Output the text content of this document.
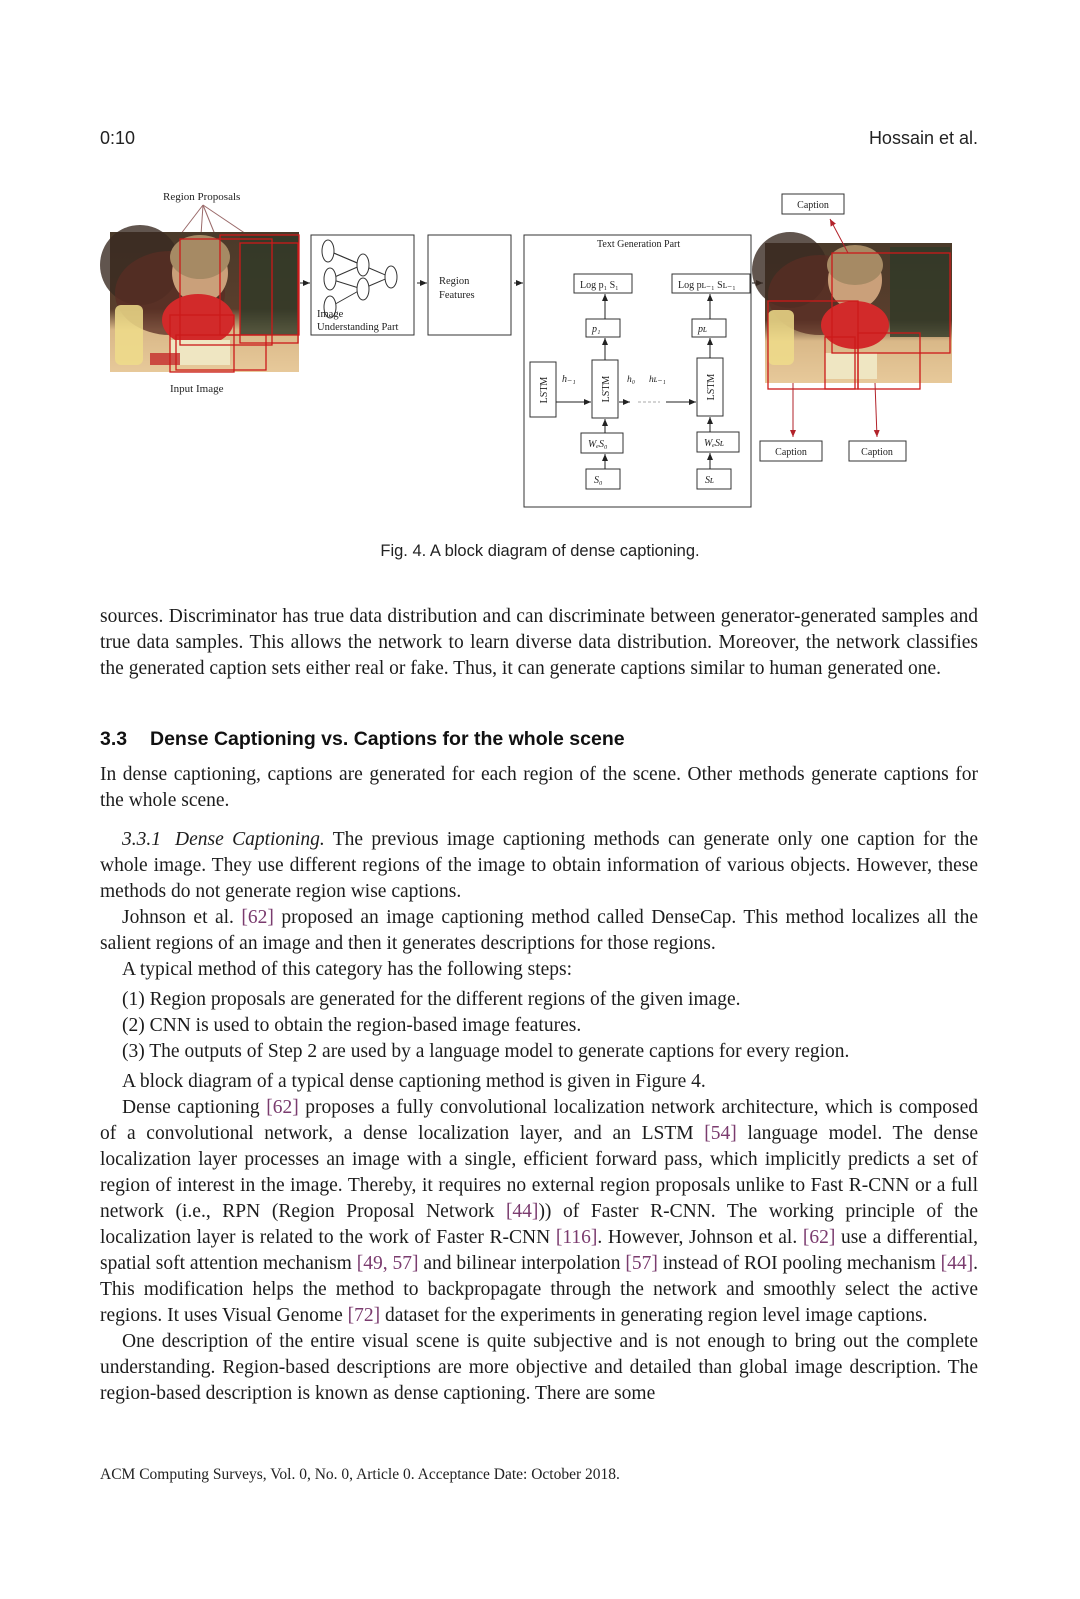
0:10	Hossain et al.
Region Proposals
Input Image
Image
Understanding Part
Region
Features
Text Generation Part
Log p₁ S₁	Log pʟ₋₁ Sʟ₋₁
p₁	pʟ
LSTM	LSTM	LSTM
h₋₁	h₀ hʟ₋₁
WₑS₀	WₑSʟ
S₀	Sʟ
Caption
Caption	Caption
Fig. 4. A block diagram of dense captioning.

sources. Discriminator has true data distribution and can discriminate between generator-generated samples and true data samples. This allows the network to learn diverse data distribution. Moreover, the network classifies the generated caption sets either real or fake. Thus, it can generate captions similar to human generated one.

3.3 Dense Captioning vs. Captions for the whole scene

In dense captioning, captions are generated for each region of the scene. Other methods generate captions for the whole scene.

3.3.1 Dense Captioning. The previous image captioning methods can generate only one caption for the whole image. They use different regions of the image to obtain information of various objects. However, these methods do not generate region wise captions.

Johnson et al. [62] proposed an image captioning method called DenseCap. This method localizes all the salient regions of an image and then it generates descriptions for those regions.

A typical method of this category has the following steps:

(1) Region proposals are generated for the different regions of the given image.
(2) CNN is used to obtain the region-based image features.
(3) The outputs of Step 2 are used by a language model to generate captions for every region.

A block diagram of a typical dense captioning method is given in Figure 4.

Dense captioning [62] proposes a fully convolutional localization network architecture, which is composed of a convolutional network, a dense localization layer, and an LSTM [54] language model. The dense localization layer processes an image with a single, efficient forward pass, which implicitly predicts a set of region of interest in the image. Thereby, it requires no external region proposals unlike to Fast R-CNN or a full network (i.e., RPN (Region Proposal Network [44])) of Faster R-CNN. The working principle of the localization layer is related to the work of Faster R-CNN [116]. However, Johnson et al. [62] use a differential, spatial soft attention mechanism [49, 57] and bilinear interpolation [57] instead of ROI pooling mechanism [44]. This modification helps the method to backpropagate through the network and smoothly select the active regions. It uses Visual Genome [72] dataset for the experiments in generating region level image captions.

One description of the entire visual scene is quite subjective and is not enough to bring out the complete understanding. Region-based descriptions are more objective and detailed than global image description. The region-based description is known as dense captioning. There are some

ACM Computing Surveys, Vol. 0, No. 0, Article 0. Acceptance Date: October 2018.
